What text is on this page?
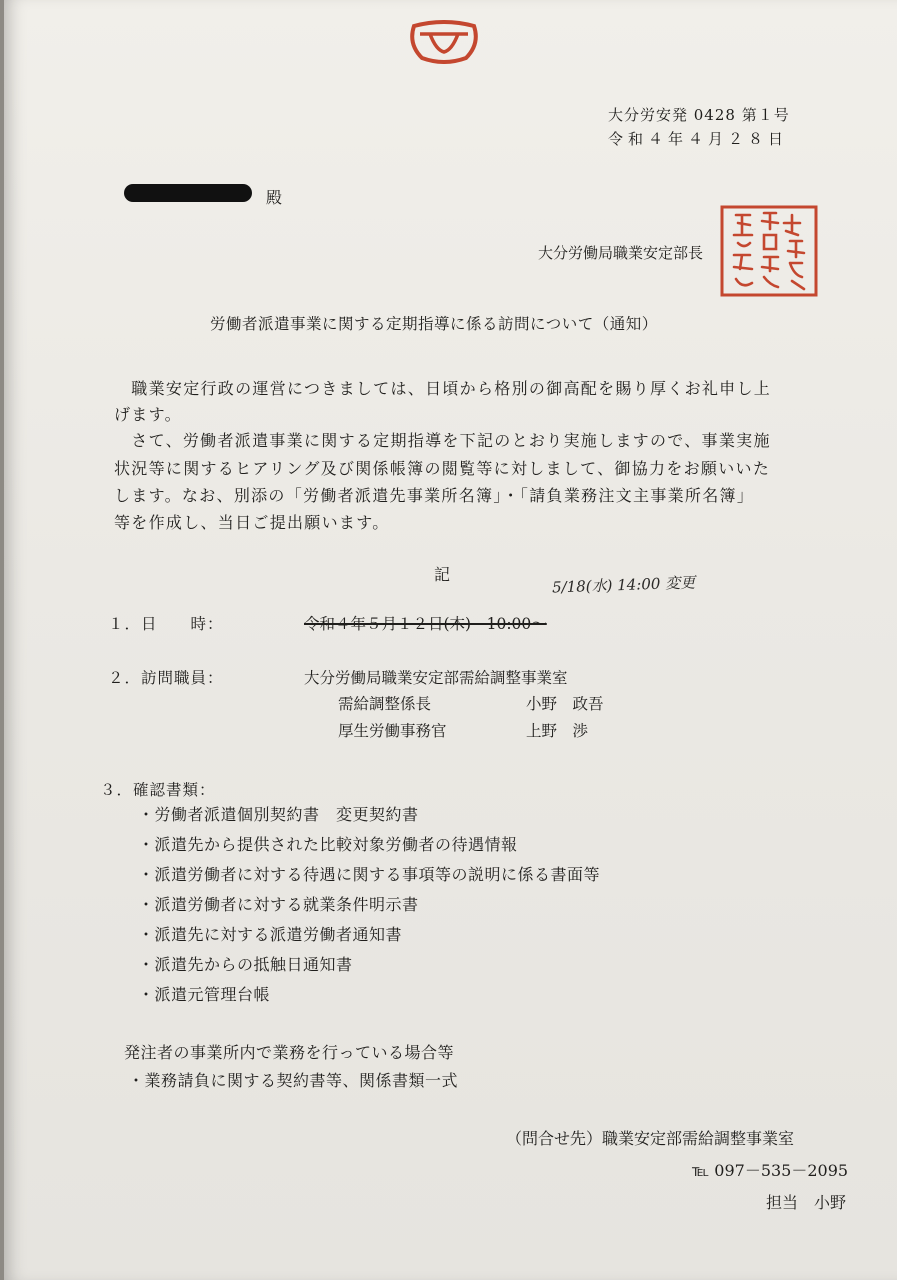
大分労安発 0428 第１号
令和４年４月２８日
殿
大分労働局職業安定部長
労働者派遣事業に関する定期指導に係る訪問について（通知）
　職業安定行政の運営につきましては、日頃から格別の御高配を賜り厚くお礼申し上
げます。
　さて、労働者派遣事業に関する定期指導を下記のとおり実施しますので、事業実施
状況等に関するヒアリング及び関係帳簿の閲覧等に対しまして、御協力をお願いいた
します。なお、別添の「労働者派遣先事業所名簿」・「請負業務注文主事業所名簿」
等を作成し、当日ご提出願います。
記	5/18(水) 14:00 変更
１．日　　時：	令和４年５月１２日(木)　10:00～
２．訪問職員：	大分労働局職業安定部需給調整事業室
需給調整係長	小野　政吾
厚生労働事務官	上野　渉
３．確認書類：
・労働者派遣個別契約書　変更契約書
・派遣先から提供された比較対象労働者の待遇情報
・派遣労働者に対する待遇に関する事項等の説明に係る書面等
・派遣労働者に対する就業条件明示書
・派遣先に対する派遣労働者通知書
・派遣先からの抵触日通知書
・派遣元管理台帳
発注者の事業所内で業務を行っている場合等
・業務請負に関する契約書等、関係書類一式
（問合せ先）職業安定部需給調整事業室
℡ 097－535－2095
担当　小野
